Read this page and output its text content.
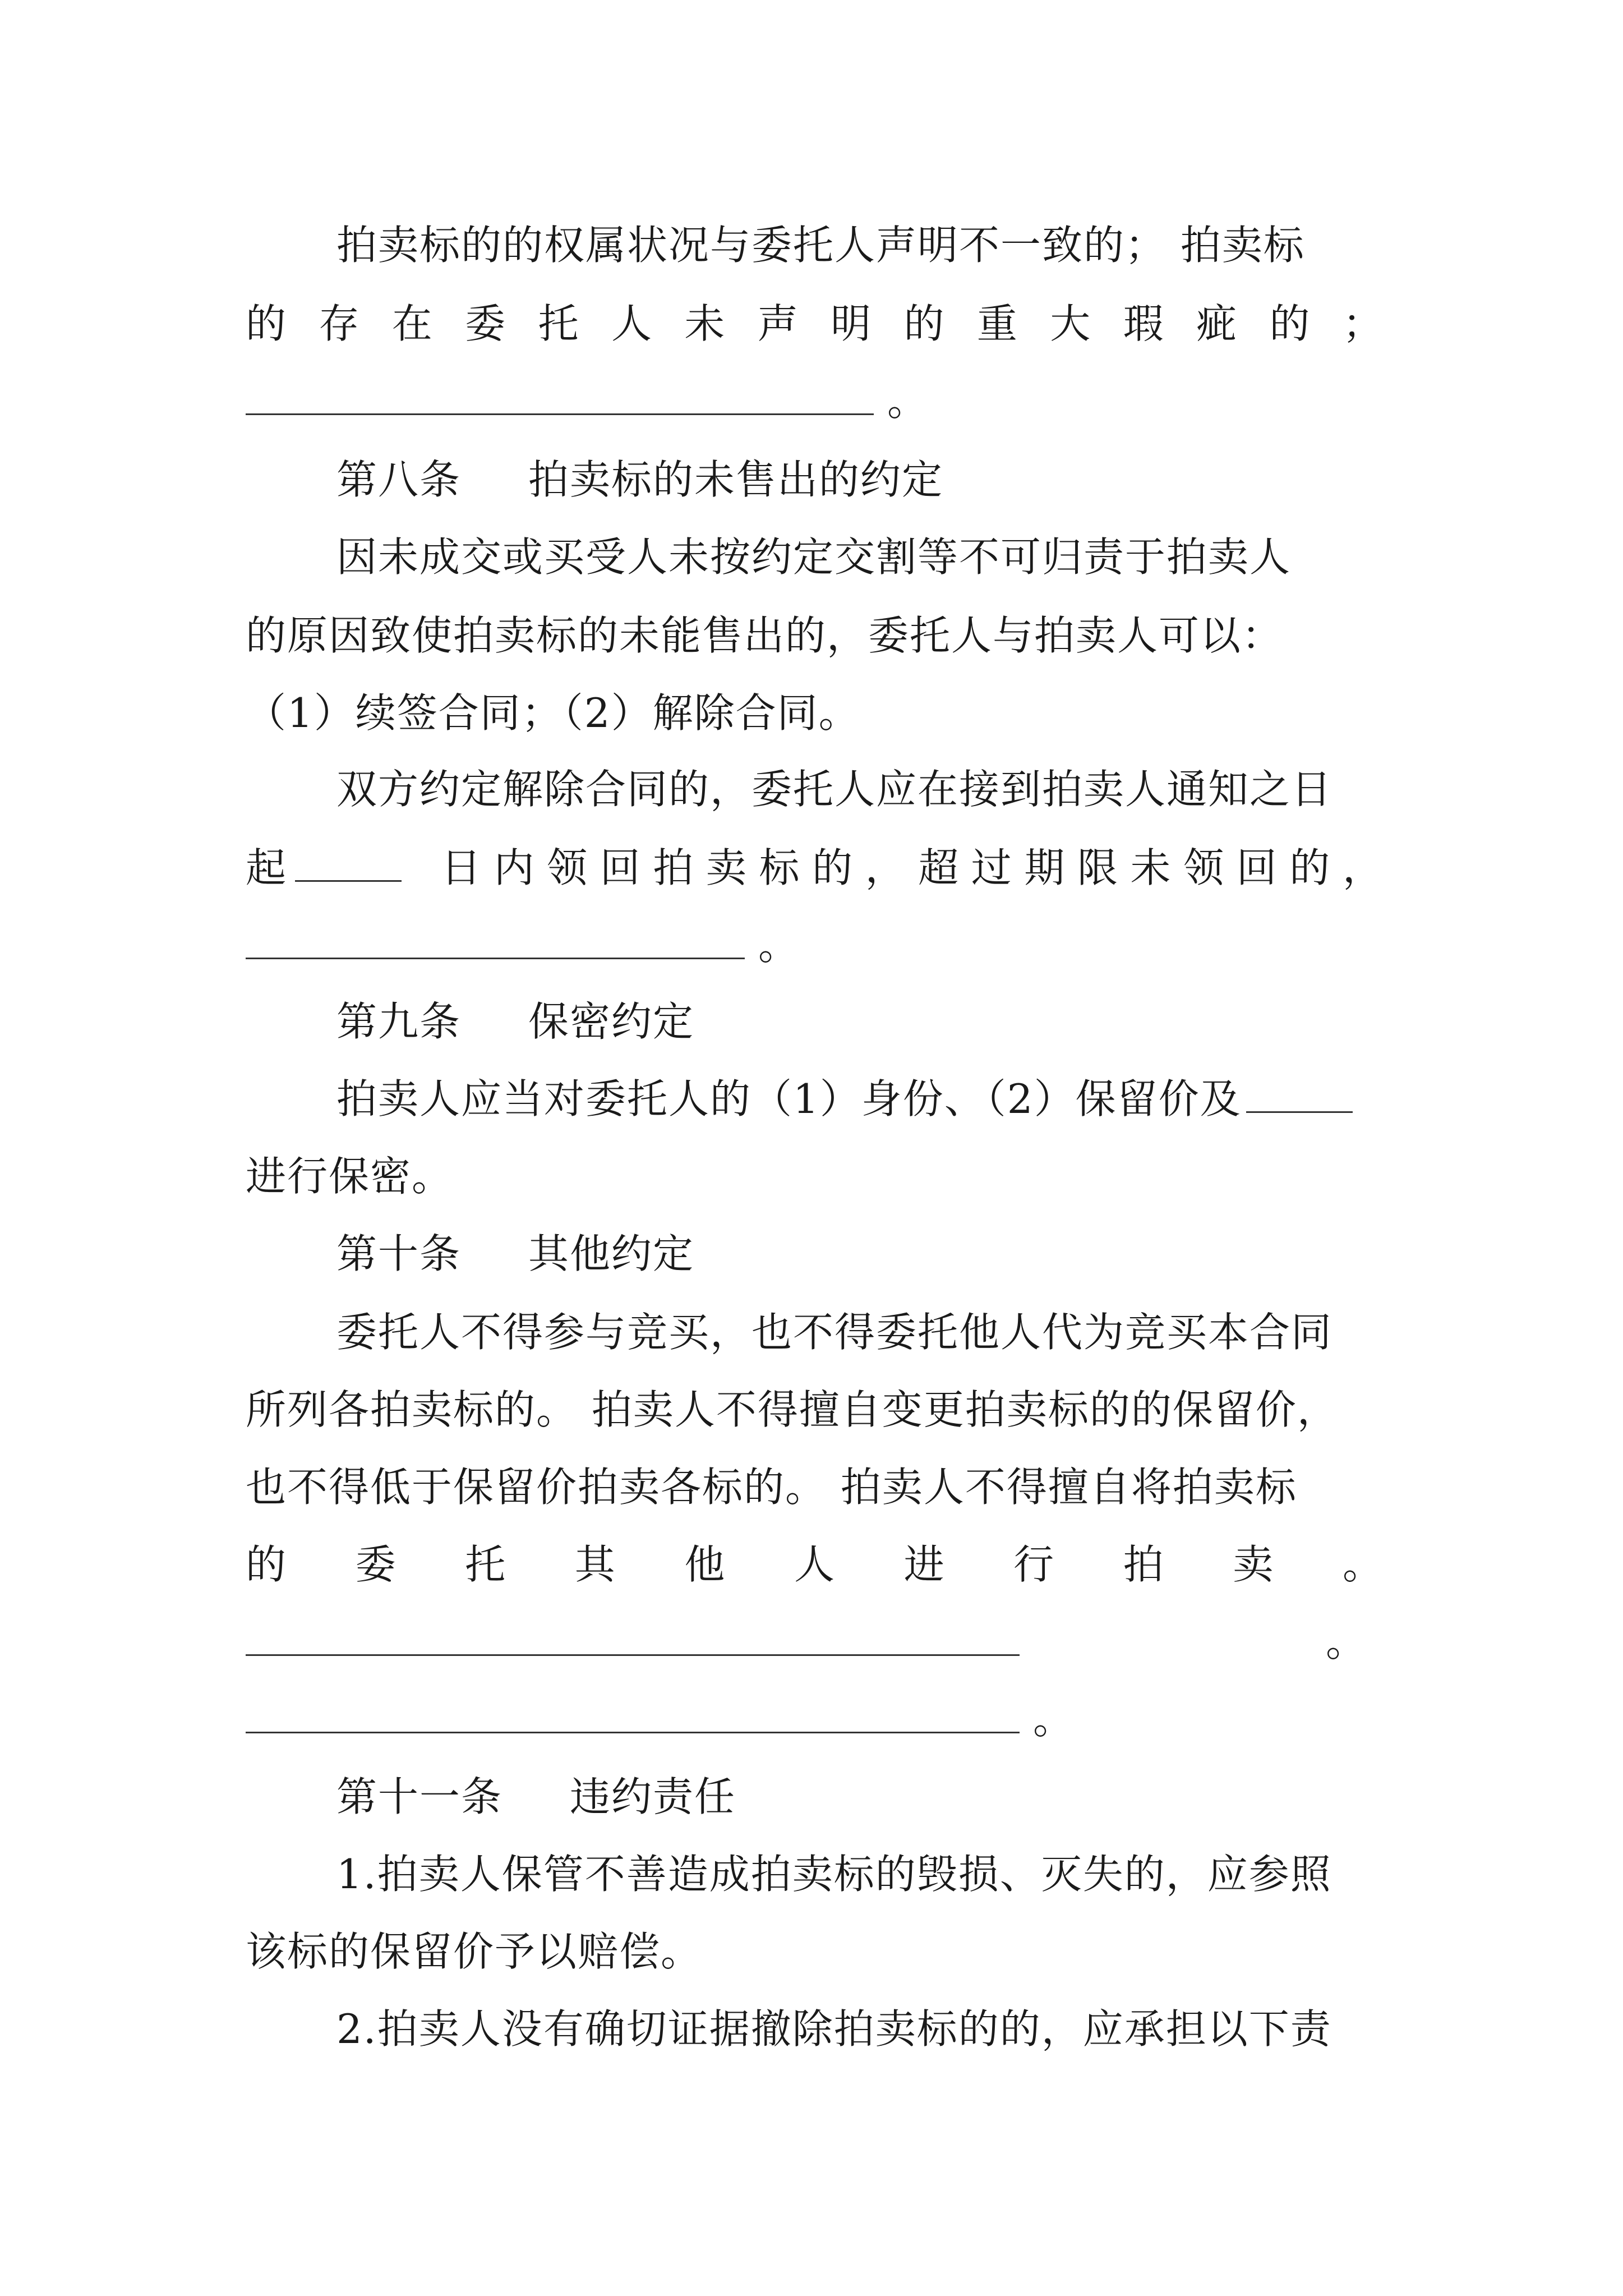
拍卖标的的权属状况与委托人声明不一致的； 拍卖标
的 存 在 委 托 人 未 声 明 的 重 大 瑕 疵 的 ；
。
第八条 拍卖标的未售出的约定
因未成交或买受人未按约定交割等不可归责于拍卖人
的原因致使拍卖标的未能售出的，委托人与拍卖人可以：
（1）续签合同；（2）解除合同。
双方约定解除合同的，委托人应在接到拍卖人通知之日
起	日 内 领 回 拍 卖 标 的 ， 超 过 期 限 未 领 回 的 ，
。
第九条 保密约定
拍卖人应当对委托人的（1）身份、（2）保留价及
进行保密。
第十条 其他约定
委托人不得参与竞买，也不得委托他人代为竞买本合同
所列各拍卖标的。 拍卖人不得擅自变更拍卖标的的保留价，
也不得低于保留价拍卖各标的。 拍卖人不得擅自将拍卖标
的 委 托 其 他 人 进 行 拍 卖 。
。
。
第十一条 违约责任
1.拍卖人保管不善造成拍卖标的毁损、灭失的，应参照
该标的保留价予以赔偿。
2.拍卖人没有确切证据撤除拍卖标的的，应承担以下责
